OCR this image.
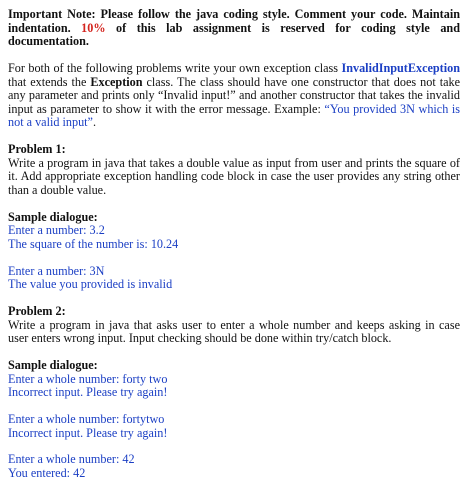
Important Note: Please follow the java coding style. Comment your code. Maintain indentation. 10% of this lab assignment is reserved for coding style and documentation.
For both of the following problems write your own exception class InvalidInputException that extends the Exception class. The class should have one constructor that does not take any parameter and prints only “Invalid input!” and another constructor that takes the invalid input as parameter to show it with the error message. Example: “You provided 3N which is not a valid input”.
Problem 1:
Write a program in java that takes a double value as input from user and prints the square of it. Add appropriate exception handling code block in case the user provides any string other than a double value.
Sample dialogue:
Enter a number: 3.2
The square of the number is: 10.24
Enter a number: 3N
The value you provided is invalid
Problem 2:
Write a program in java that asks user to enter a whole number and keeps asking in case user enters wrong input. Input checking should be done within try/catch block.
Sample dialogue:
Enter a whole number: forty two
Incorrect input. Please try again!
Enter a whole number: fortytwo
Incorrect input. Please try again!
Enter a whole number: 42
You entered: 42
